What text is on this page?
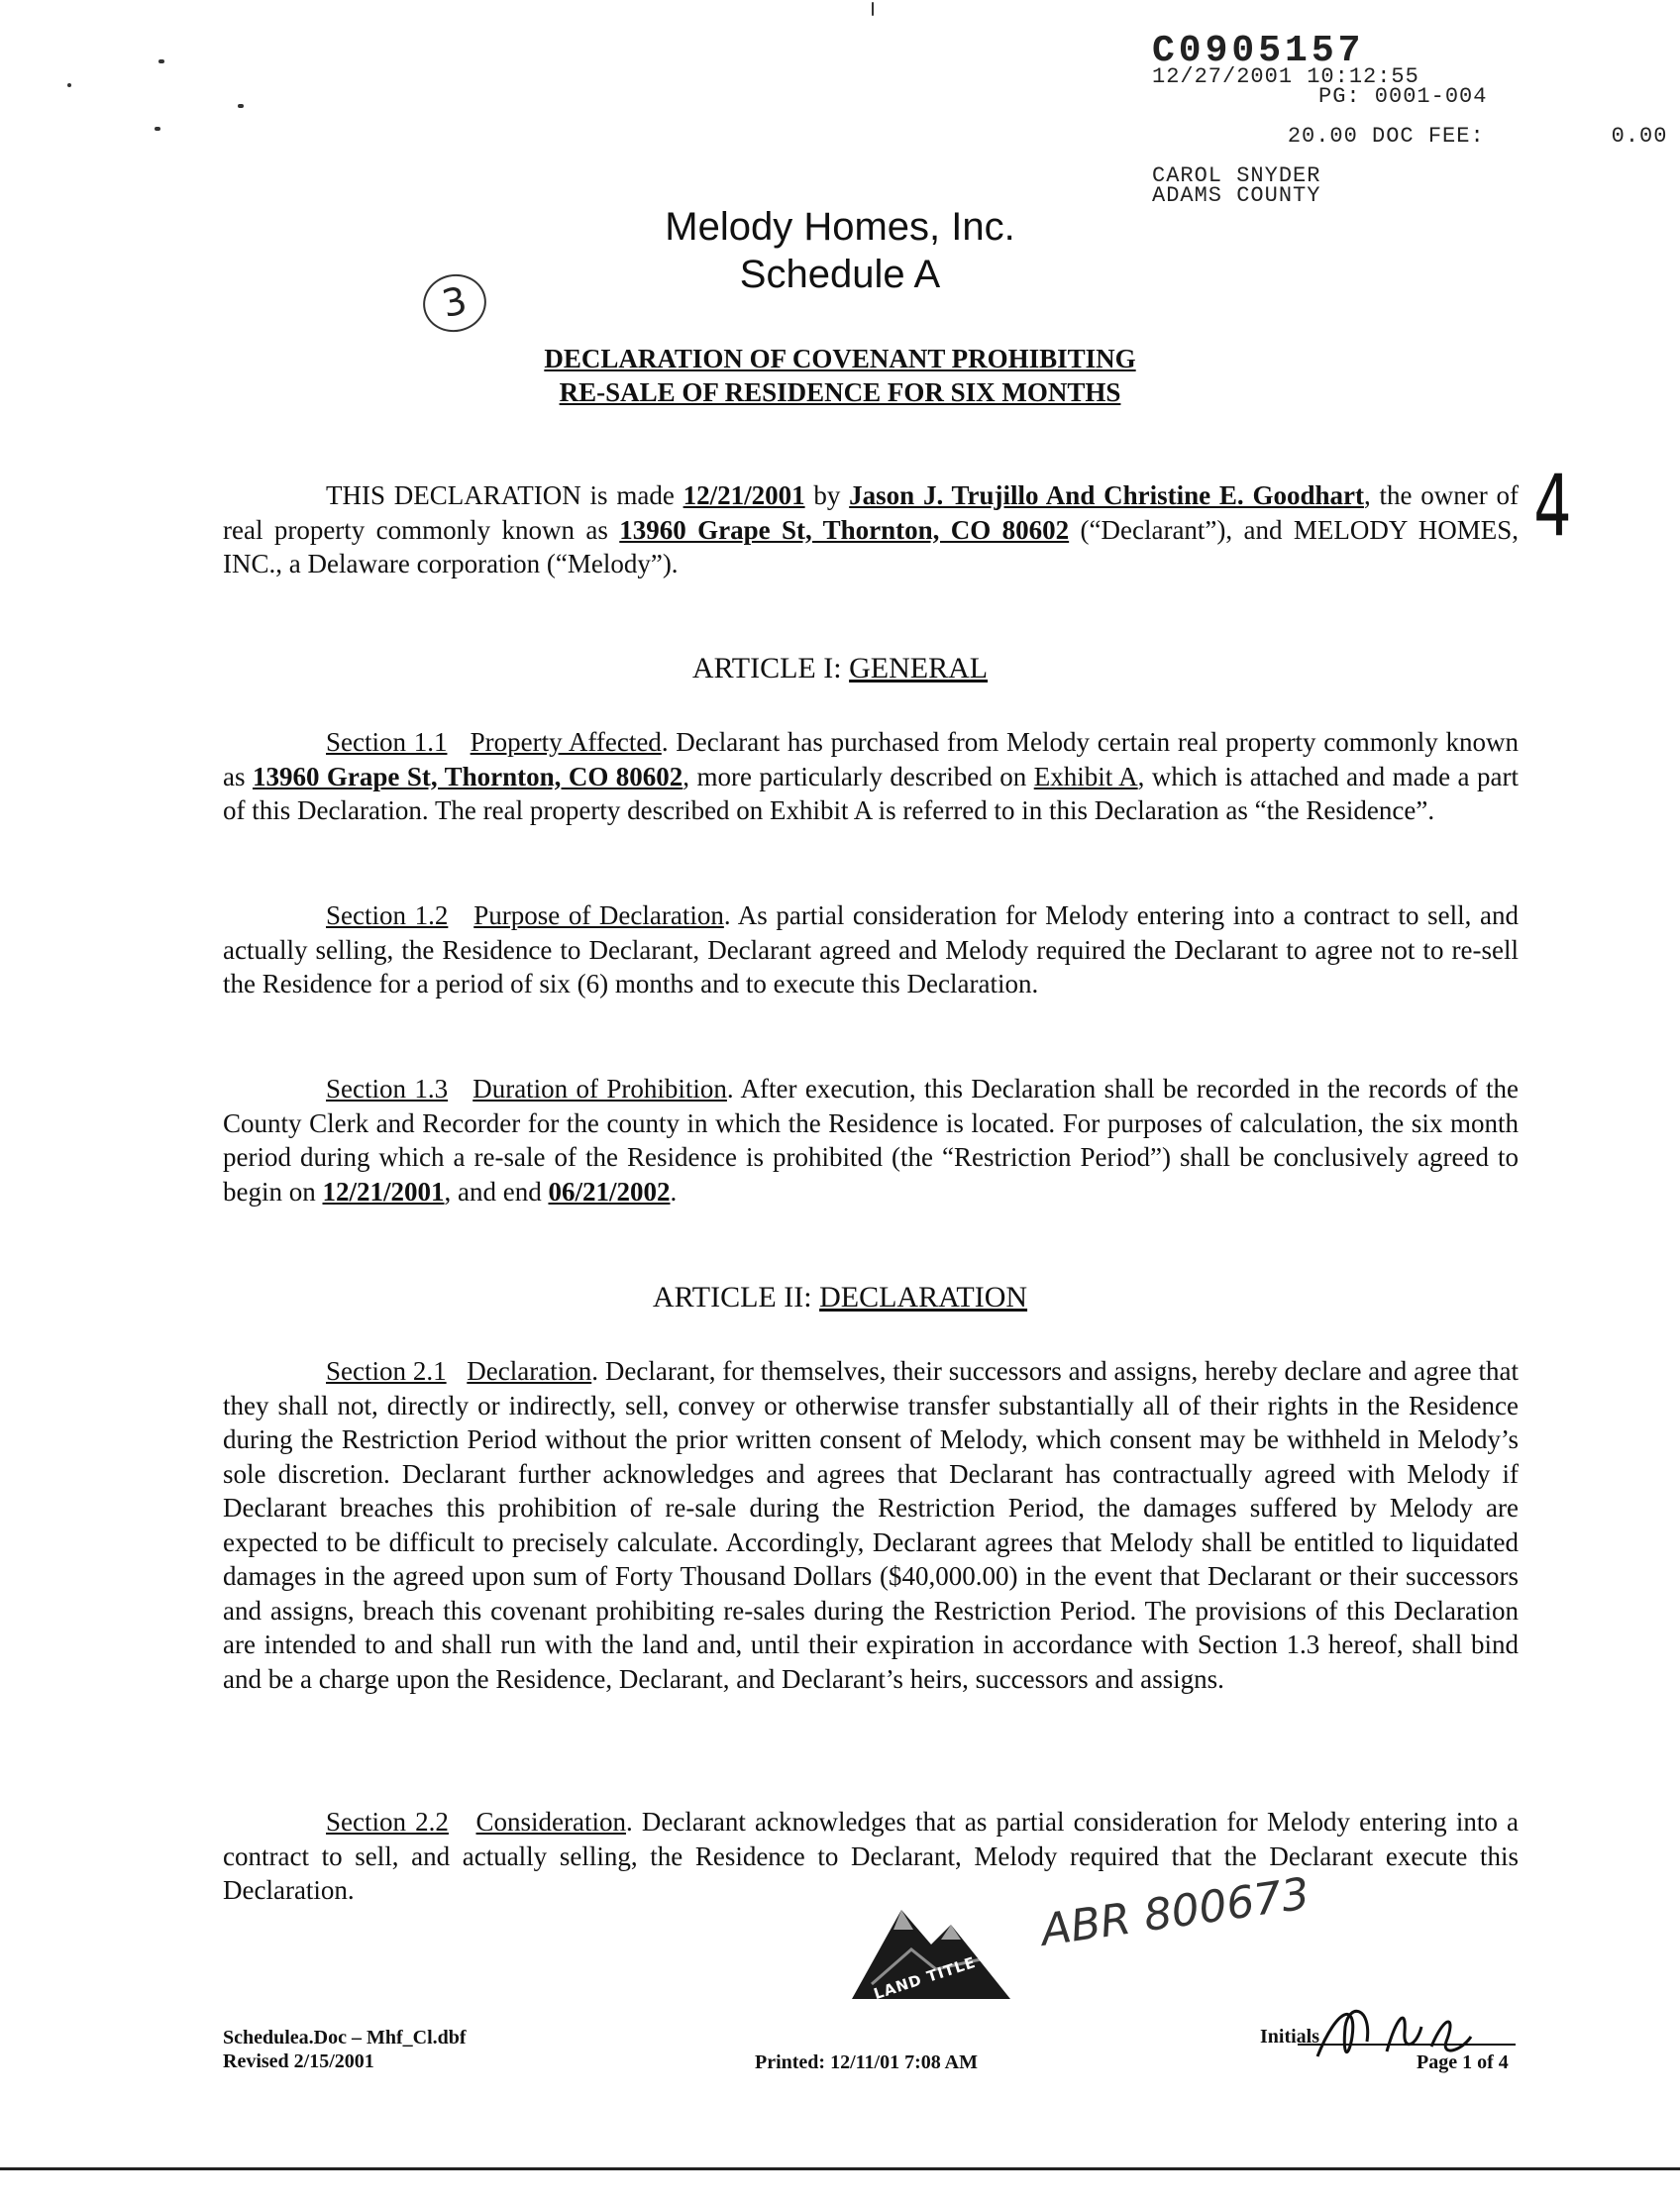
C0905157
12/27/2001 10:12:55
PG: 0001-004

20.00 DOC FEE:	0.00

CAROL SNYDER
ADAMS COUNTY
Melody Homes, Inc.
Schedule A
3
DECLARATION OF COVENANT PROHIBITING
RE-SALE OF RESIDENCE FOR SIX MONTHS
4
THIS DECLARATION is made 12/21/2001 by Jason J. Trujillo And Christine E. Goodhart, the owner of real property commonly known as 13960 Grape St, Thornton, CO 80602 (“Declarant”), and MELODY HOMES, INC., a Delaware corporation (“Melody”).
ARTICLE I: GENERAL
Section 1.1 Property Affected. Declarant has purchased from Melody certain real property commonly known as 13960 Grape St, Thornton, CO 80602, more particularly described on Exhibit A, which is attached and made a part of this Declaration. The real property described on Exhibit A is referred to in this Declaration as “the Residence”.
Section 1.2 Purpose of Declaration. As partial consideration for Melody entering into a contract to sell, and actually selling, the Residence to Declarant, Declarant agreed and Melody required the Declarant to agree not to re-sell the Residence for a period of six (6) months and to execute this Declaration.
Section 1.3 Duration of Prohibition. After execution, this Declaration shall be recorded in the records of the County Clerk and Recorder for the county in which the Residence is located. For purposes of calculation, the six month period during which a re-sale of the Residence is prohibited (the “Restriction Period”) shall be conclusively agreed to begin on 12/21/2001, and end 06/21/2002.
ARTICLE II: DECLARATION
Section 2.1 Declaration. Declarant, for themselves, their successors and assigns, hereby declare and agree that they shall not, directly or indirectly, sell, convey or otherwise transfer substantially all of their rights in the Residence during the Restriction Period without the prior written consent of Melody, which consent may be withheld in Melody’s sole discretion. Declarant further acknowledges and agrees that Declarant has contractually agreed with Melody if Declarant breaches this prohibition of re-sale during the Restriction Period, the damages suffered by Melody are expected to be difficult to precisely calculate. Accordingly, Declarant agrees that Melody shall be entitled to liquidated damages in the agreed upon sum of Forty Thousand Dollars ($40,000.00) in the event that Declarant or their successors and assigns, breach this covenant prohibiting re-sales during the Restriction Period. The provisions of this Declaration are intended to and shall run with the land and, until their expiration in accordance with Section 1.3 hereof, shall bind and be a charge upon the Residence, Declarant, and Declarant’s heirs, successors and assigns.
Section 2.2 Consideration. Declarant acknowledges that as partial consideration for Melody entering into a contract to sell, and actually selling, the Residence to Declarant, Melody required that the Declarant execute this Declaration.
LAND TITLE
ABR 800673
Schedulea.Doc – Mhf_Cl.dbf
Revised 2/15/2001	Printed: 12/11/01 7:08 AM
Initials
Page 1 of 4
